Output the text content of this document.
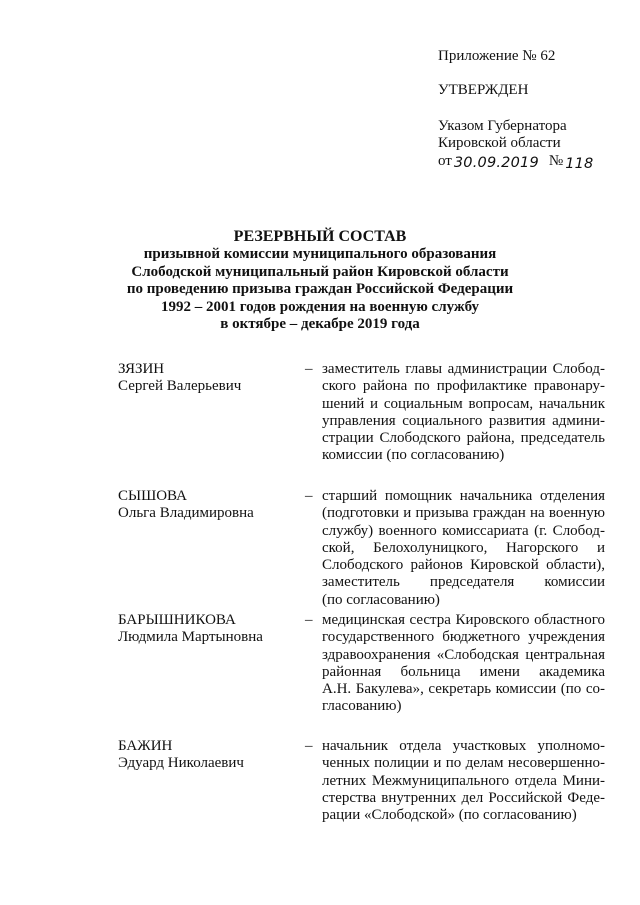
Приложение № 62
УТВЕРЖДЕН
Указом Губернатора
Кировской области
от 30.09.2019 № 118
РЕЗЕРВНЫЙ СОСТАВ
призывной комиссии муниципального образования
Слободской муниципальный район Кировской области
по проведению призыва граждан Российской Федерации
1992 – 2001 годов рождения на военную службу
в октябре – декабре 2019 года
ЗЯЗИН
Сергей Валерьевич
– заместитель главы администрации Слобод-
ского района по профилактике правонару-
шений и социальным вопросам, начальник
управления социального развития админи-
страции Слободского района, председатель
комиссии (по согласованию)
СЫШОВА
Ольга Владимировна
– старший помощник начальника отделения
(подготовки и призыва граждан на военную
службу) военного комиссариата (г. Слобод-
ской, Белохолуницкого, Нагорского и
Слободского районов Кировской области),
заместитель председателя комиссии
(по согласованию)
БАРЫШНИКОВА
Людмила Мартыновна
– медицинская сестра Кировского областного
государственного бюджетного учреждения
здравоохранения «Слободская центральная
районная больница имени академика
А.Н. Бакулева», секретарь комиссии (по со-
гласованию)
БАЖИН
Эдуард Николаевич
– начальник отдела участковых уполномо-
ченных полиции и по делам несовершенно-
летних Межмуниципального отдела Мини-
стерства внутренних дел Российской Феде-
рации «Слободской» (по согласованию)
